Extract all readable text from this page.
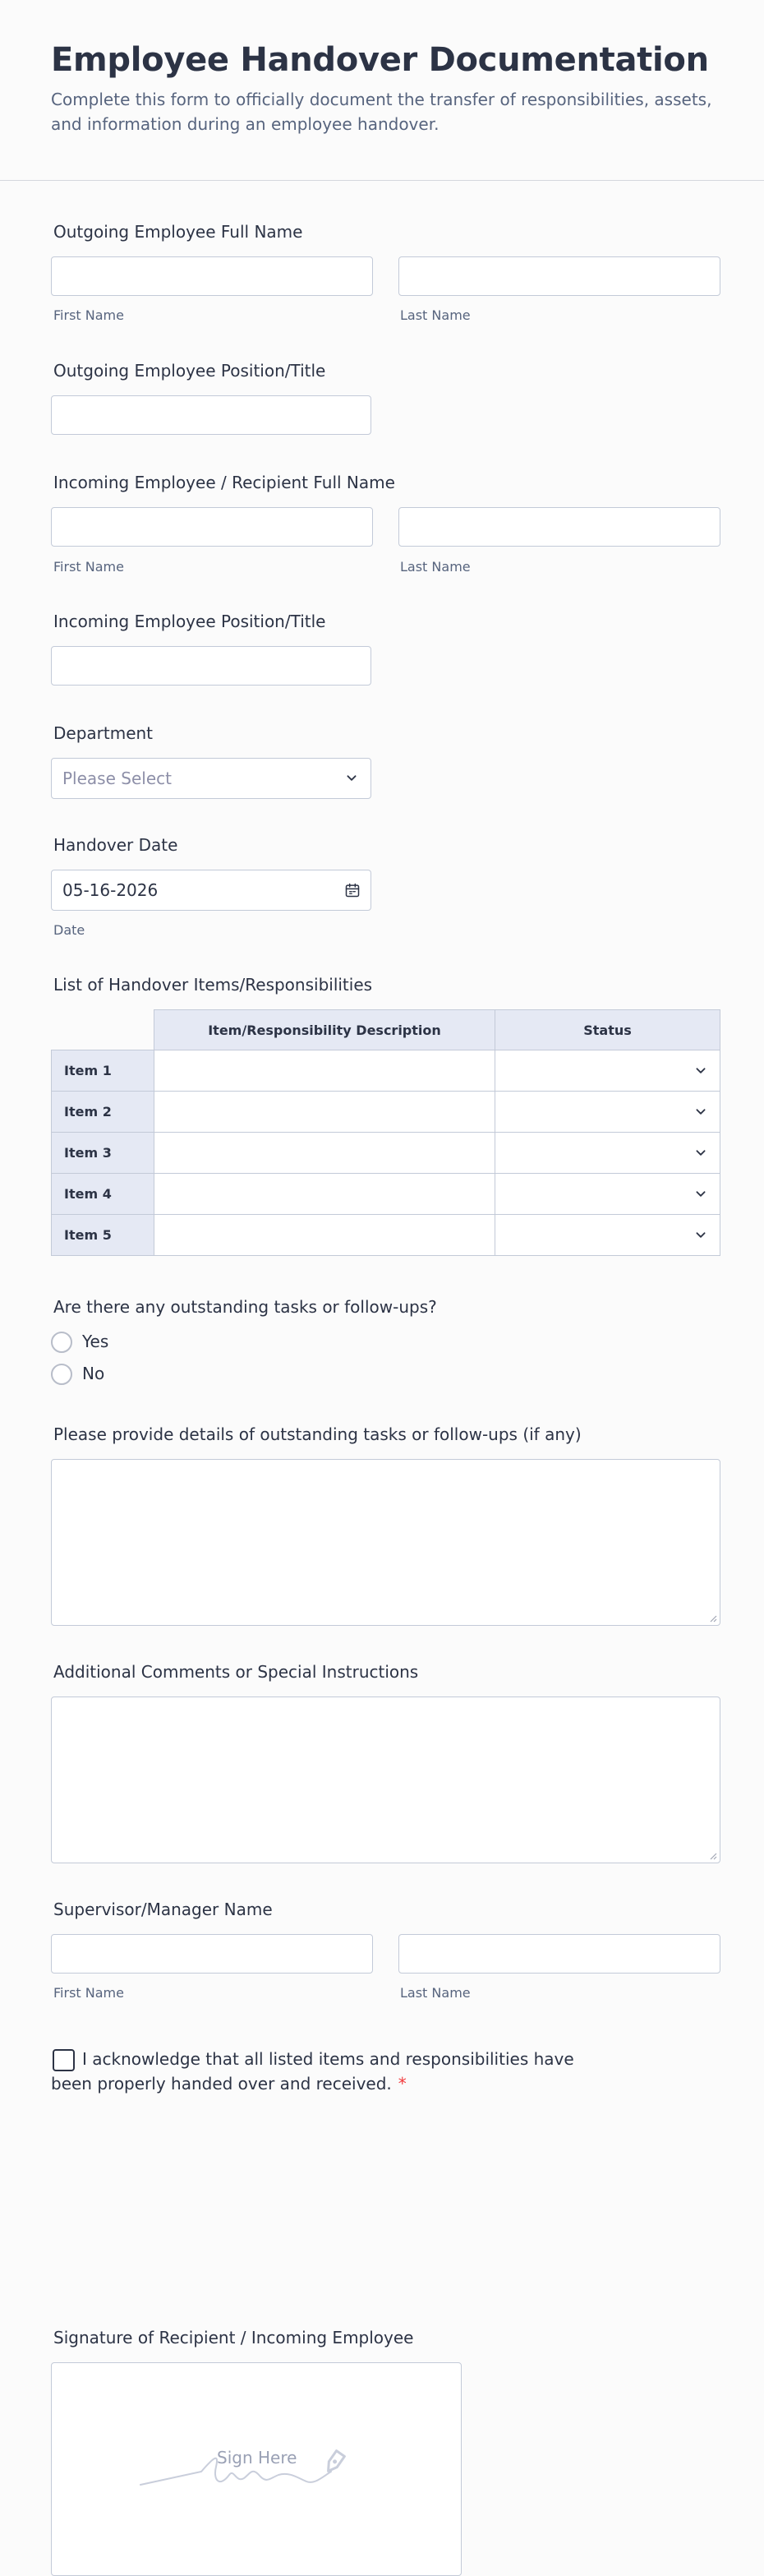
Employee Handover Documentation
Complete this form to officially document the transfer of responsibilities, assets, and information during an employee handover.
Outgoing Employee Full Name
First Name	Last Name
Outgoing Employee Position/Title
Incoming Employee / Recipient Full Name
First Name	Last Name
Incoming Employee Position/Title
Department
Please Select
Handover Date
05-16-2026
Date
List of Handover Items/Responsibilities
Item/Responsibility Description	Status
Item 1
Item 2
Item 3
Item 4
Item 5
Are there any outstanding tasks or follow-ups?
Yes
No
Please provide details of outstanding tasks or follow-ups (if any)
Additional Comments or Special Instructions
Supervisor/Manager Name
First Name	Last Name
I acknowledge that all listed items and responsibilities have been properly handed over and received. *
Signature of Recipient / Incoming Employee
Sign Here
